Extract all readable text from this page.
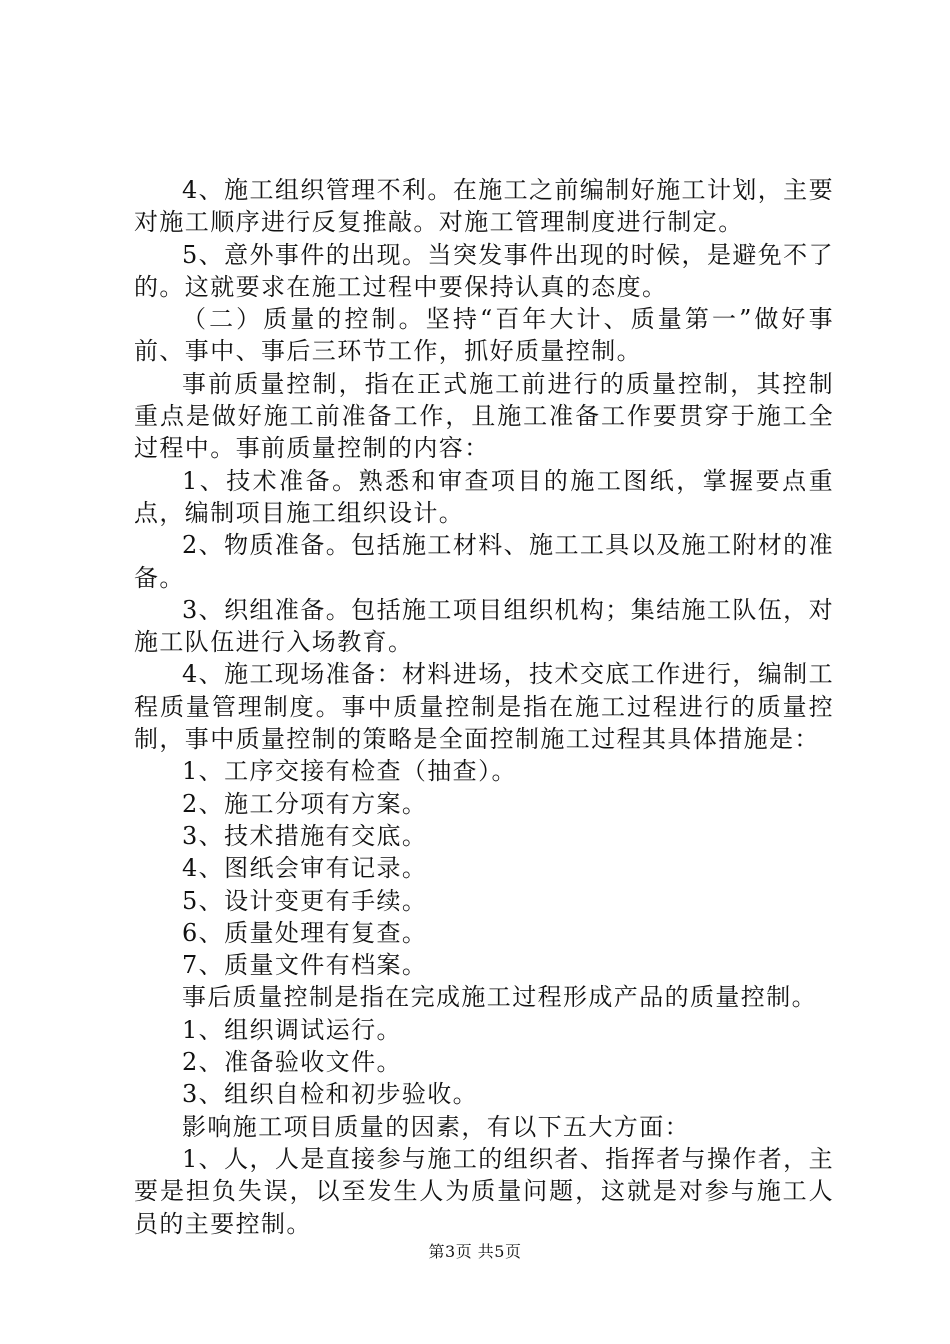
4、施工组织管理不利。在施工之前编制好施工计划，主要对施工顺序进行反复推敲。对施工管理制度进行制定。

5、意外事件的出现。当突发事件出现的时候，是避免不了的。这就要求在施工过程中要保持认真的态度。

（二）质量的控制。坚持“百年大计、质量第一”做好事前、事中、事后三环节工作，抓好质量控制。

事前质量控制，指在正式施工前进行的质量控制，其控制重点是做好施工前准备工作，且施工准备工作要贯穿于施工全过程中。事前质量控制的内容：

1、技术准备。熟悉和审查项目的施工图纸，掌握要点重点，编制项目施工组织设计。

2、物质准备。包括施工材料、施工工具以及施工附材的准备。

3、织组准备。包括施工项目组织机构；集结施工队伍，对施工队伍进行入场教育。

4、施工现场准备：材料进场，技术交底工作进行，编制工程质量管理制度。事中质量控制是指在施工过程进行的质量控制，事中质量控制的策略是全面控制施工过程其具体措施是：

1、工序交接有检查（抽查）。

2、施工分项有方案。

3、技术措施有交底。

4、图纸会审有记录。

5、设计变更有手续。

6、质量处理有复查。

7、质量文件有档案。

事后质量控制是指在完成施工过程形成产品的质量控制。

1、组织调试运行。

2、准备验收文件。

3、组织自检和初步验收。

影响施工项目质量的因素，有以下五大方面：

1、人，人是直接参与施工的组织者、指挥者与操作者，主要是担负失误，以至发生人为质量问题，这就是对参与施工人员的主要控制。

第3页 共5页
